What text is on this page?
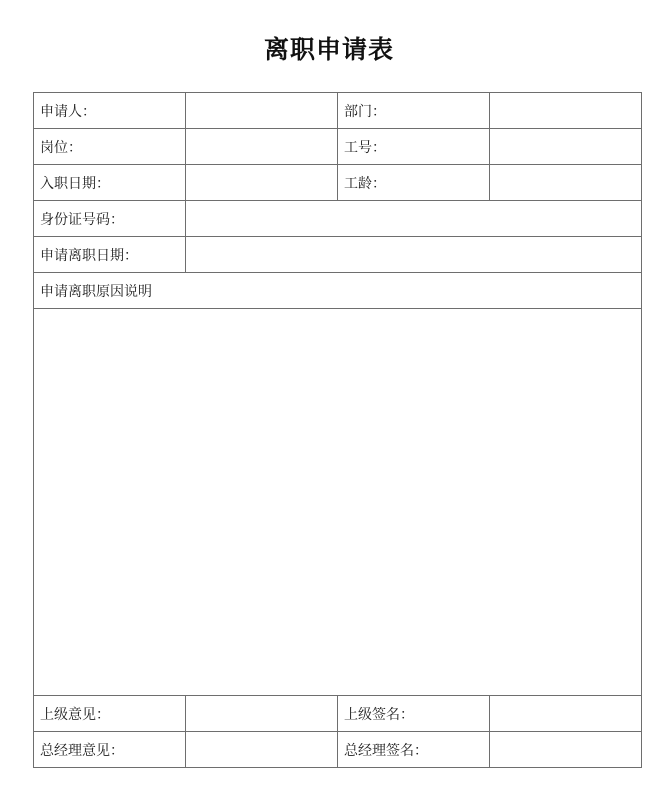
离职申请表
申请人：		部门：	
岗位：		工号：	
入职日期：		工龄：	
身份证号码：			
申请离职日期：			
申请离职原因说明			

上级意见：		上级签名：	
总经理意见：		总经理签名：	
